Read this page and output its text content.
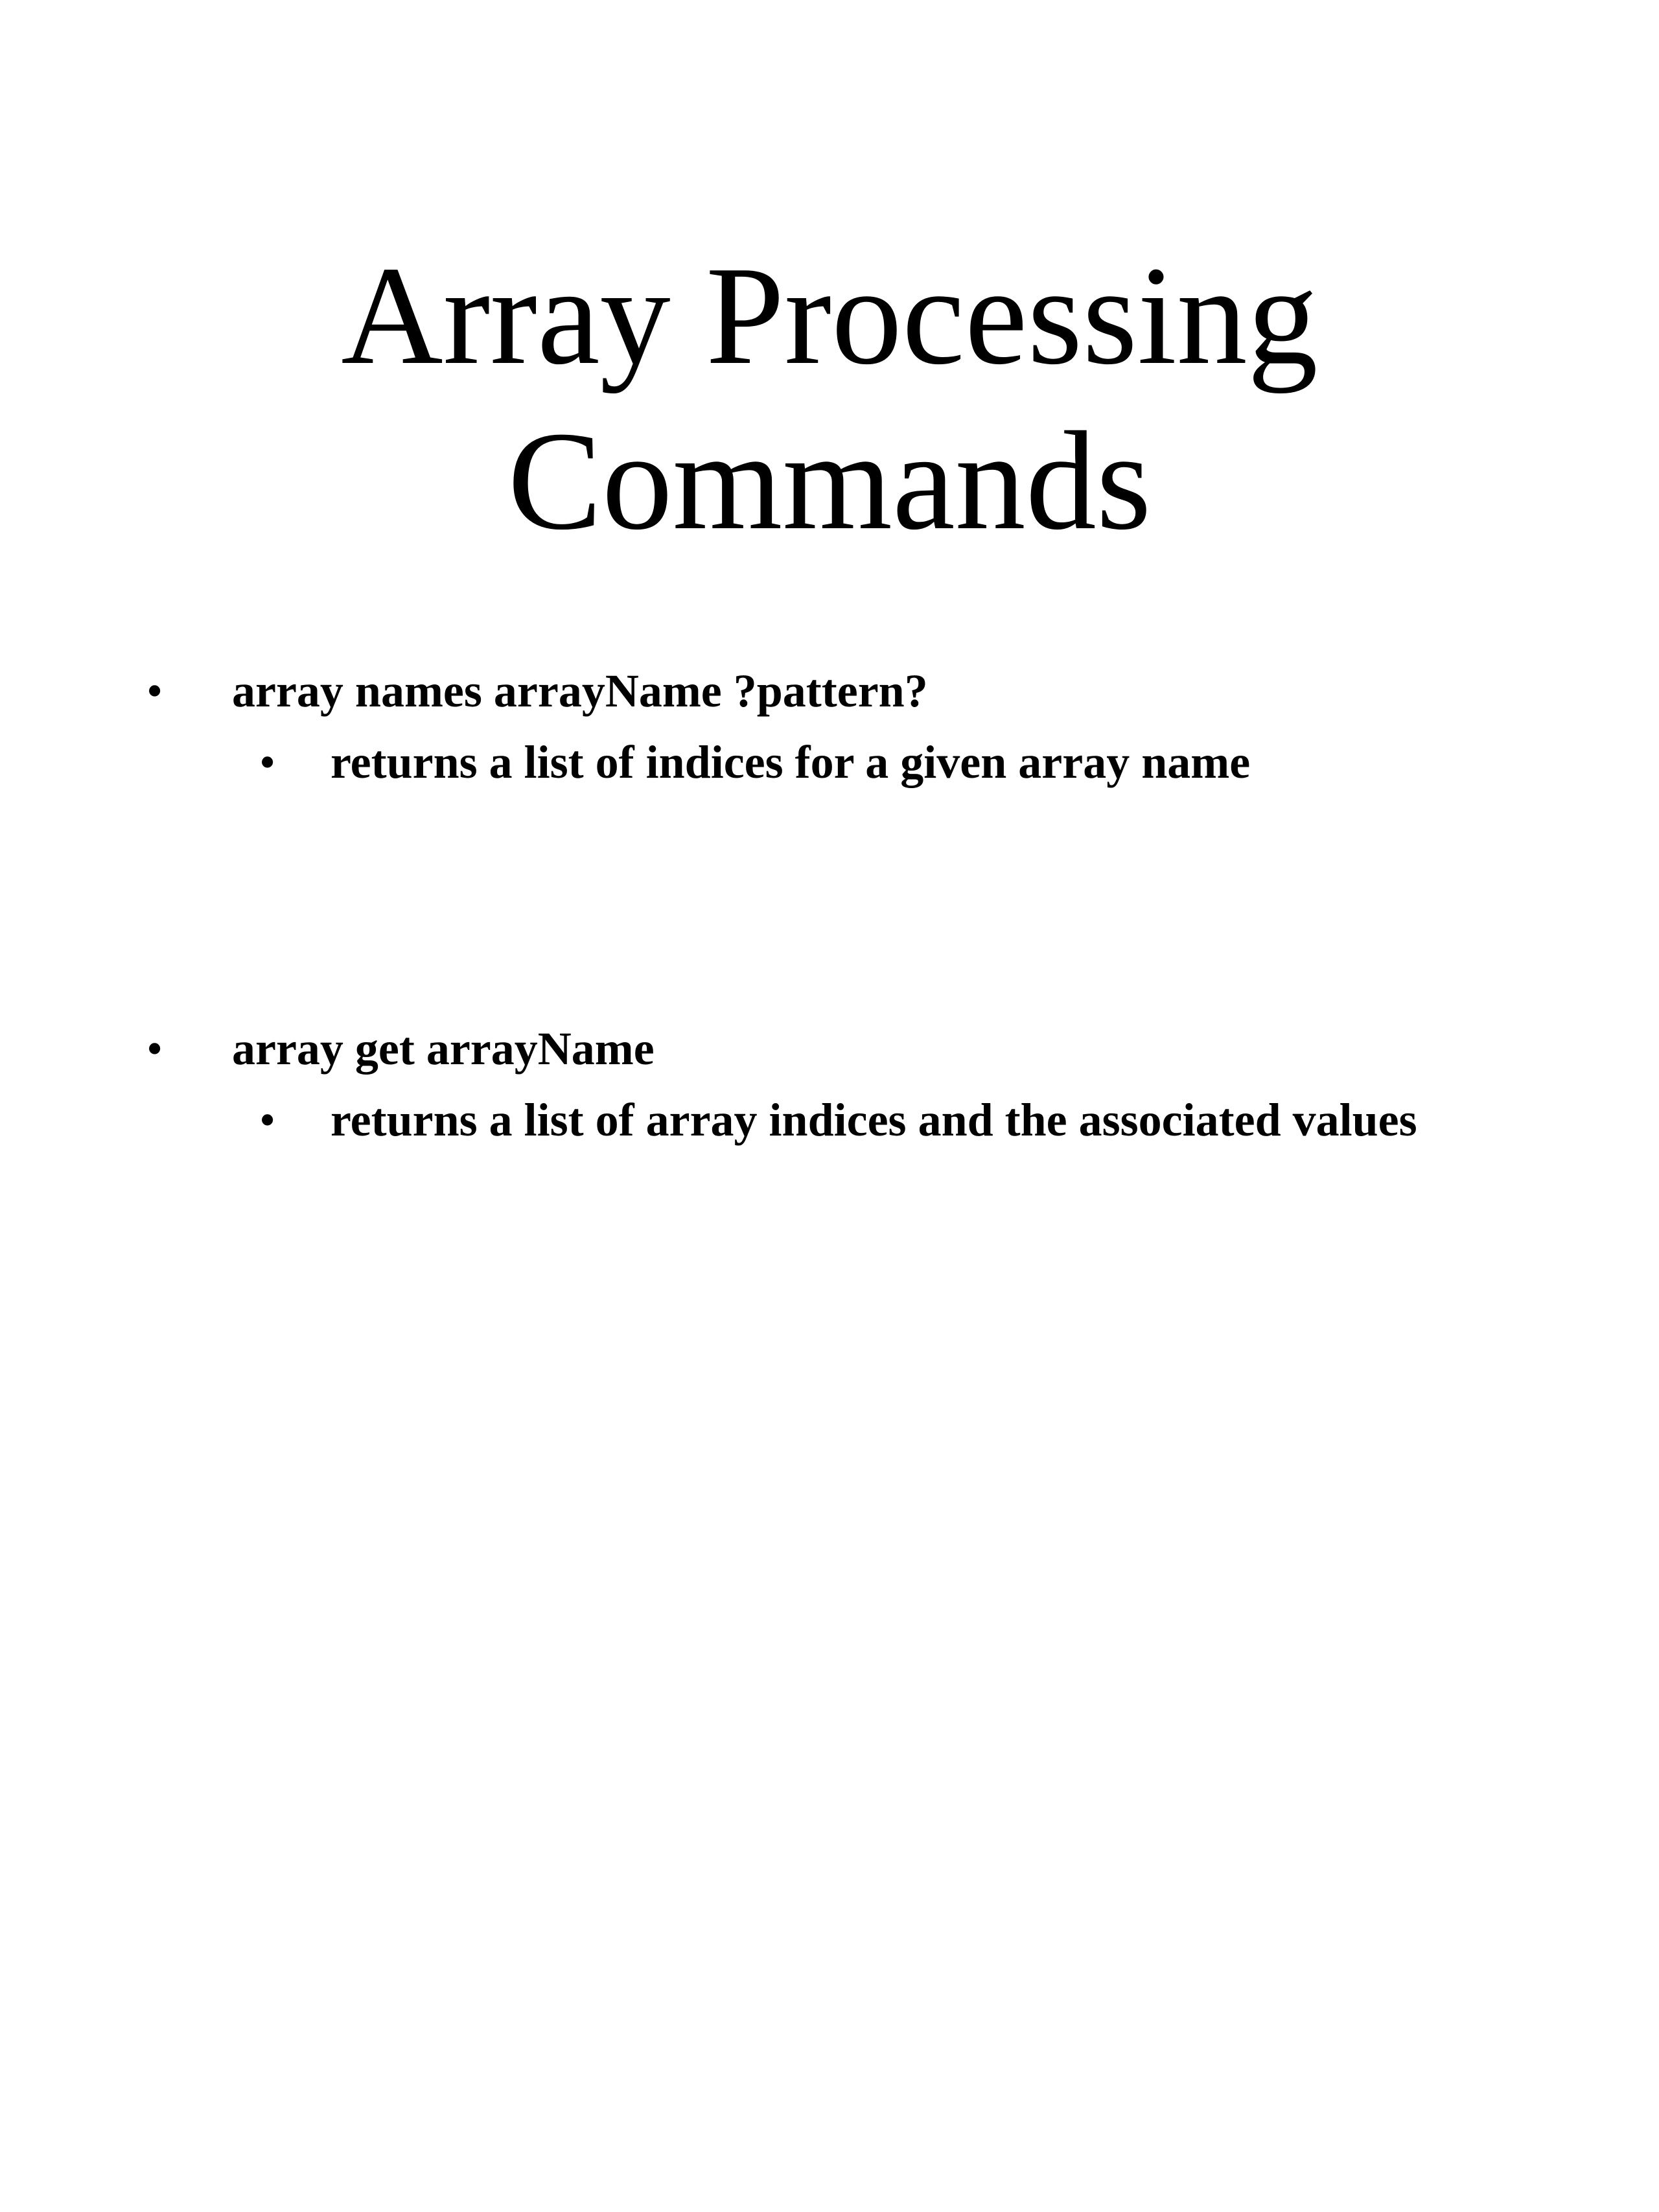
Array Processing
Commands
• array names arrayName ?pattern?
• returns a list of indices for a given array name
• array get arrayName
• returns a list of array indices and the associated values
